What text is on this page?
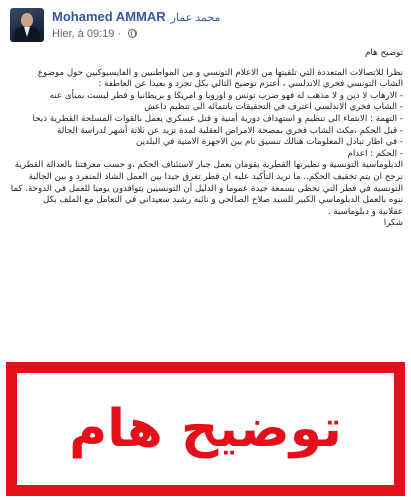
Mohamed AMMAR محمد عمار
Hier, à 09:19 ·

توضيح هام

نظرا للاتصالات المتعددة التي تلقيتها من الاعلام التونسي و من المواطنيين و الفايسبوكيين حول موضوع

الشاب التونسي فخري الاندلسي ، أعتزم توضيح التالي بكل تجرد و بعيدا عن العاطفة :

- الارهاب لا دين و لا مذهب له فهو ضرب تونس و اوروبا و امريكا و بريطانيا و قطر ليست بمنأى عنه

- الشاب فخري الاندلسي اعترف في التحقيقات بانتمائه الى تنظيم داعش

- التهمة : الانتماء الى تنظيم و استهداف دورية أمنية و قتل عسكري يعمل بالقوات المسلحة القطرية ذبحا

- قبل الحكم ،مكث الشاب فخري بمصحة الامراض العقلية لمدة تزيد عن ثلاثة أشهر لدراسة الحالة

- في اطار تبادل المعلومات هنالك تنسيق تام بين الاجهزة الامنية في البلدين

- الحكم : اعدام

الدبلوماسية التونسية و نظيرتها القطرية يقومان بعمل جبار لاستئناف الحكم ،و حسب معرفتنا بالعدالة القطرية

نرجح ان يتم تخفيف الحكم.. ما نريد التأكيد عليه ان قطر تفرق جيدا بين العمل الشاذ المنفرد و بين الجالية

التونسية في قطر التي تحظى بسمعة جيدة عموما و الدليل أن التونسيين يتوافدون يوميا للعمل في الدوحة. كما

ننوه بالعمل الدبلوماسي الكبير للسيد صلاح الصالحي و نائبه رشيد سعيداني في التعامل مع الملف بكل

عقلانية و دبلوماسية .

شكرا

توضيح هام
